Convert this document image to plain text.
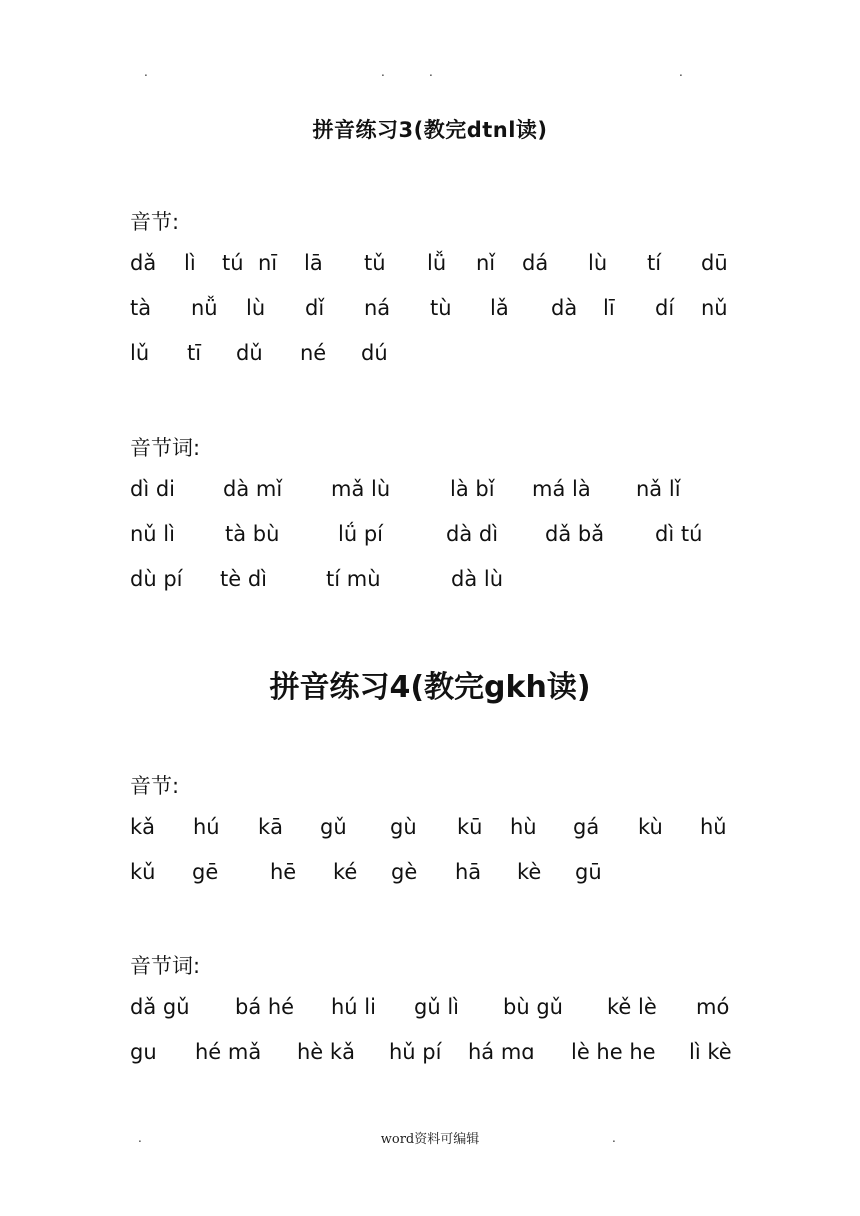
.	.	.	.
拼音练习3(教完dtnl读)
音节:
dǎ lì tú nī lā tǔ lǚ nǐ dá lù tí dū
tà nǚ lù dǐ ná tù lǎ dà lī dí nǔ
lǔ tī dǔ né dú
音节词:
dì di dà mǐ mǎ lù	là bǐ má là nǎ lǐ
nǔ lì tà bù	lǘ pí	dà dì dǎ bǎ dì tú
dù pí tè dì	tí mù	dà lù
拼音练习4(教完gkh读)
音节:
kǎ hú kā gǔ gù kū hù gá kù hǔ
kǔ gē hē ké gè hā kè gū
音节词:
dǎ gǔ bá hé hú li gǔ lì bù gǔ kě lè mó
gu hé mǎ hè kǎ hǔ pí há mɑ lè he he lì kè
.	word资料可编辑	.
